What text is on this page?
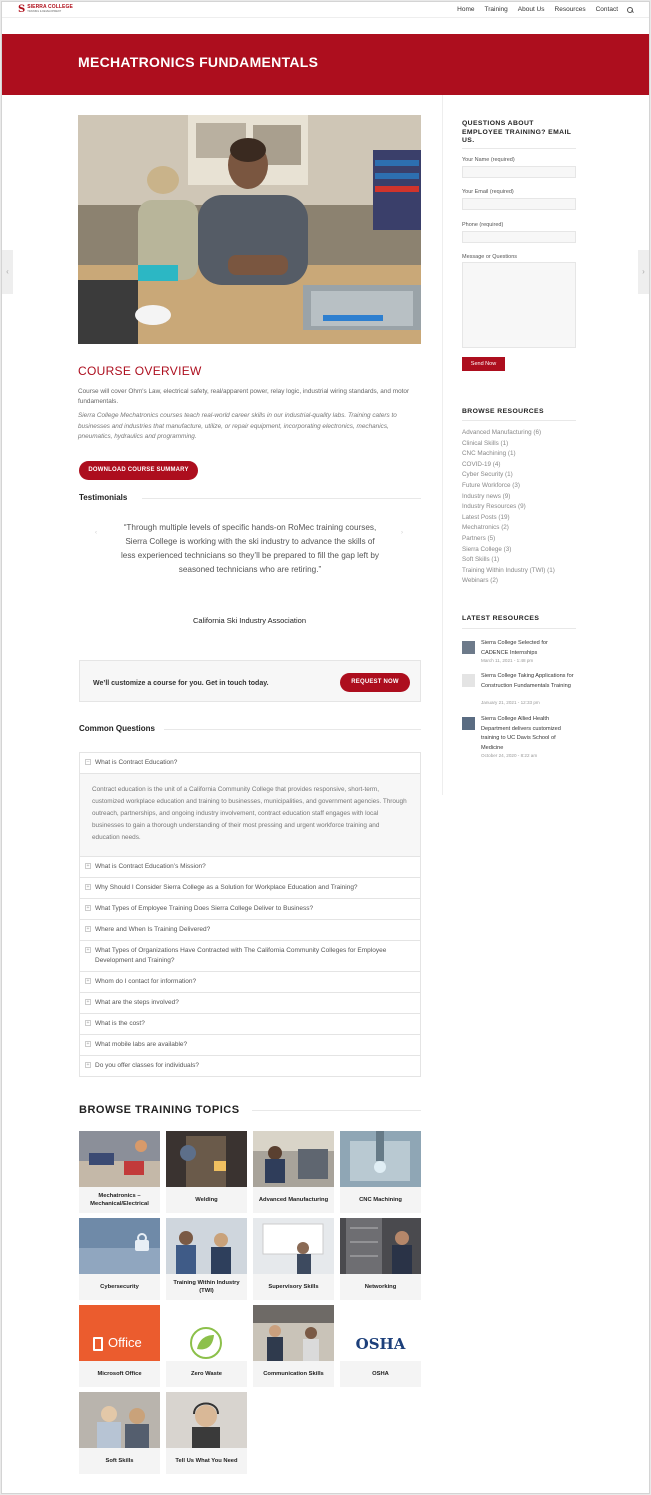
S SIERRA COLLEGE
TRAINING & DEVELOPMENT	Home	Training	About Us	Resources	Contact
MECHATRONICS FUNDAMENTALS
‹	›
COURSE OVERVIEW
Course will cover Ohm's Law, electrical safety, real/apparent power, relay logic, industrial wiring standards, and motor fundamentals.
Sierra College Mechatronics courses teach real-world career skills in our industrial-quality labs. Training caters to businesses and industries that manufacture, utilize, or repair equipment, incorporating electronics, mechanics, pneumatics, hydraulics and programming.
DOWNLOAD COURSE SUMMARY
Testimonials
‹	›
“Through multiple levels of specific hands-on RoMec training courses, Sierra College is working with the ski industry to advance the skills of less experienced technicians so they’ll be prepared to fill the gap left by seasoned technicians who are retiring.”
California Ski Industry Association
We’ll customize a course for you. Get in touch today.	REQUEST NOW
Common Questions
– What is Contract Education?
Contract education is the unit of a California Community College that provides responsive, short-term, customized workplace education and training to businesses, municipalities, and government agencies. Through outreach, partnerships, and ongoing industry involvement, contract education staff engages with local businesses to gain a thorough understanding of their most pressing and urgent workforce training and education needs.
+ What is Contract Education’s Mission?
+ Why Should I Consider Sierra College as a Solution for Workplace Education and Training?
+ What Types of Employee Training Does Sierra College Deliver to Business?
+ Where and When Is Training Delivered?
+ What Types of Organizations Have Contracted with The California Community Colleges for Employee Development and Training?
+ Whom do I contact for information?
+ What are the steps involved?
+ What is the cost?
+ What mobile labs are available?
+ Do you offer classes for individuals?
BROWSE TRAINING TOPICS
Mechatronics – Mechanical/Electrical
Welding	Advanced Manufacturing	CNC Machining
Cybersecurity
Training Within Industry (TWI)
Supervisory Skills	Networking
Office
Microsoft Office	Zero Waste	Communication Skills
OSHA
OSHA
Soft Skills	Tell Us What You Need
QUESTIONS ABOUT EMPLOYEE TRAINING? EMAIL US.
Your Name (required)
Your Email (required)
Phone (required)
Message or Questions
Send Now
BROWSE RESOURCES
Advanced Manufacturing (6)
Clinical Skills (1)
CNC Machining (1)
COVID-19 (4)
Cyber Security (1)
Future Workforce (3)
Industry news (9)
Industry Resources (9)
Latest Posts (19)
Mechatronics (2)
Partners (5)
Sierra College (3)
Soft Skills (1)
Training Within Industry (TWI) (1)
Webinars (2)
LATEST RESOURCES
Sierra College Selected for CADENCE Internships
March 11, 2021 - 1:48 pm
Sierra College Taking Applications for Construction Fundamentals Training
January 21, 2021 - 12:33 pm
Sierra College Allied Health Department delivers customized training to UC Davis School of Medicine
October 24, 2020 - 8:22 am
